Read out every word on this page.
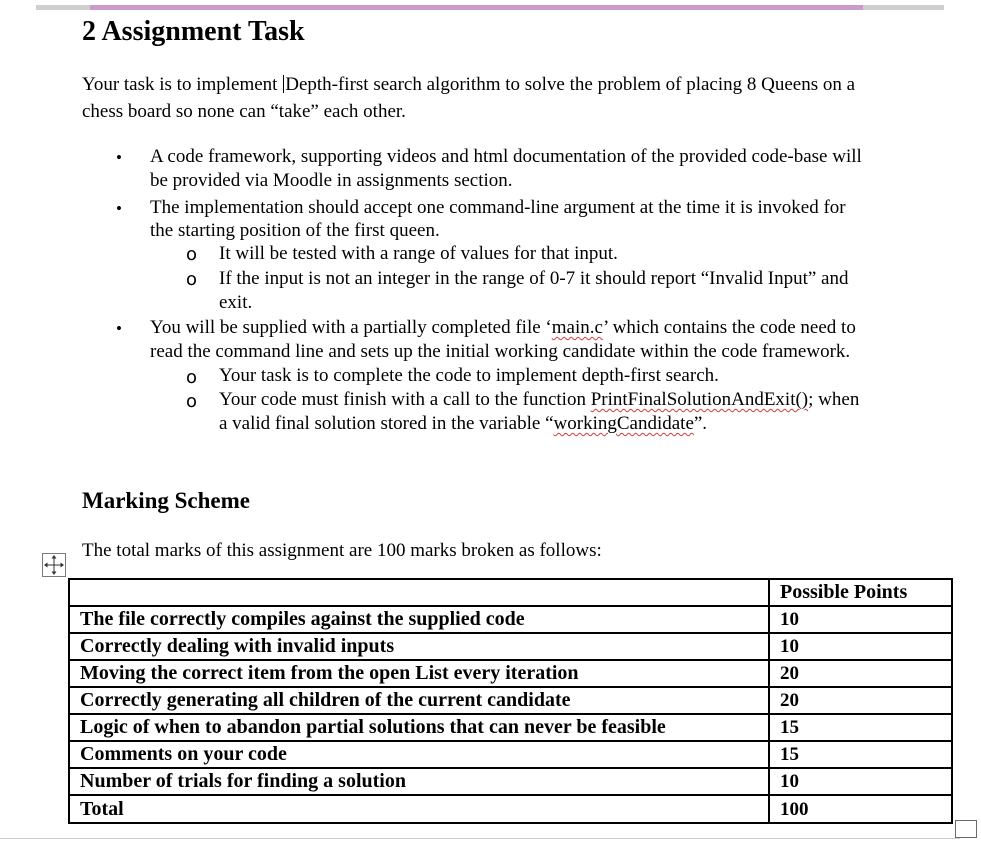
2 Assignment Task
Your task is to implement Depth-first search algorithm to solve the problem of placing 8 Queens on a
chess board so none can “take” each other.
• A code framework, supporting videos and html documentation of the provided code-base will
be provided via Moodle in assignments section.
• The implementation should accept one command-line argument at the time it is invoked for
the starting position of the first queen.
o It will be tested with a range of values for that input.
o If the input is not an integer in the range of 0-7 it should report “Invalid Input” and
exit.
• You will be supplied with a partially completed file ‘main.c’ which contains the code need to
read the command line and sets up the initial working candidate within the code framework.
o Your task is to complete the code to implement depth-first search.
o Your code must finish with a call to the function PrintFinalSolutionAndExit(); when
a valid final solution stored in the variable “workingCandidate”.
Marking Scheme
The total marks of this assignment are 100 marks broken as follows:
	Possible Points
The file correctly compiles against the supplied code	10
Correctly dealing with invalid inputs	10
Moving the correct item from the open List every iteration	20
Correctly generating all children of the current candidate	20
Logic of when to abandon partial solutions that can never be feasible	15
Comments on your code	15
Number of trials for finding a solution	10
Total	100
